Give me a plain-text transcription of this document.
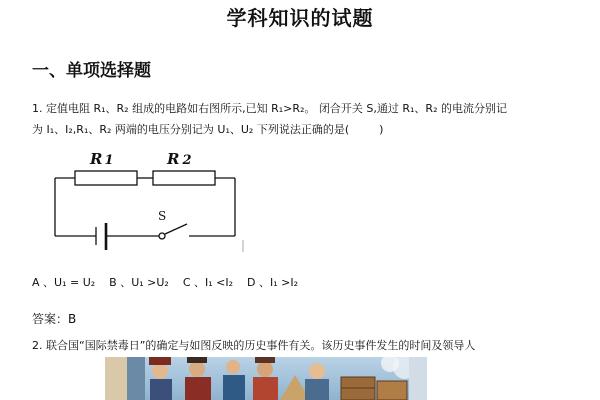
学科知识的试题
一、单项选择题
1. 定值电阻 R₁、R₂ 组成的电路如右图所示,已知 R₁>R₂。 闭合开关 S,通过 R₁、R₂ 的电流分别记
为 I₁、I₂,R₁、R₂ 两端的电压分别记为 U₁、U₂ 下列说法正确的是(	)
R 1	R 2
S
A 、U₁ = U₂ B 、U₁ >U₂ C 、I₁ <I₂ D 、I₁ >I₂
答案：B
2. 联合国“国际禁毒日”的确定与如图反映的历史事件有关。该历史事件发生的时间及领导人
